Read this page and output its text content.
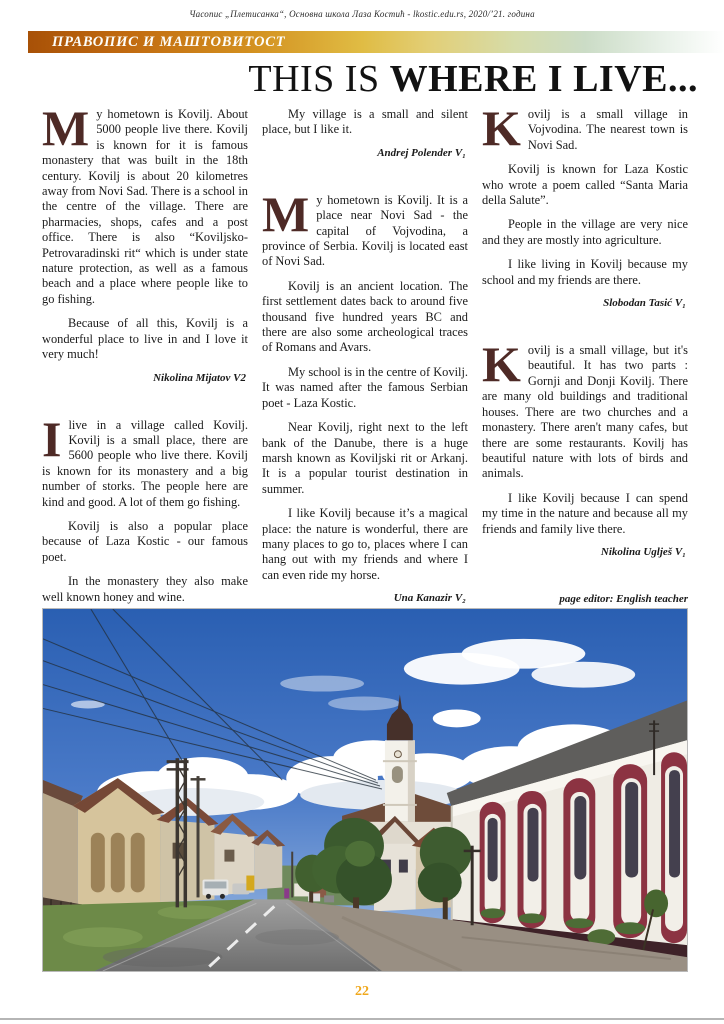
Часопис „Плетисанка“, Основна школа Лаза Костић - lkostic.edu.rs, 2020/’21. година
ПРАВОПИС И МАШТОВИТОСТ
THIS IS WHERE I LIVE...

My hometown is Kovilj. About 5000 people live there. Kovilj is known for it is famous monastery that was built in the 18th century. Kovilj is about 20 kilometres away from Novi Sad. There is a school in the centre of the village. There are pharmacies, shops, cafes and a post office. There is also “Koviljsko-Petrovaradinski rit“ which is under state nature protection, as well as a famous beach and a place where people like to go fishing.

Because of all this, Kovilj is a wonderful place to live in and I love it very much!

Nikolina Mijatov V2

Ilive in a village called Kovilj. Kovilj is a small place, there are 5600 people who live there. Kovilj is known for its monastery and a big number of storks. The people here are kind and good. A lot of them go fishing.

Kovilj is also a popular place because of Laza Kostic - our famous poet.

In the monastery they also make well known honey and wine.

My village is a small and silent place, but I like it.

Andrej Polender V₁

My hometown is Kovilj. It is a place near Novi Sad - the capital of Vojvodina, a province of Serbia. Kovilj is located east of Novi Sad.

Kovilj is an ancient location. The first settlement dates back to around five thousand five hundred years BC and there are also some archeological traces of Romans and Avars.

My school is in the centre of Kovilj. It was named after the famous Serbian poet - Laza Kostic.

Near Kovilj, right next to the left bank of the Danube, there is a huge marsh known as Koviljski rit or Arkanj. It is a popular tourist destination in summer.

I like Kovilj because it’s a magical place: the nature is wonderful, there are many places to go to, places where I can hang out with my friends and where I can even ride my horse.

Una Kanazir V₂

Kovilj is a small village in Vojvodina. The nearest town is Novi Sad.

Kovilj is known for Laza Kostic who wrote a poem called “Santa Maria della Salute”.

People in the village are very nice and they are mostly into agriculture.

I like living in Kovilj because my school and my friends are there.

Slobodan Tasić V₁

Kovilj is a small village, but it's beautiful. It has two parts : Gornji and Donji Kovilj. There are many old buildings and traditional houses. There are two churches and a monastery. There aren't many cafes, but there are some restaurants. Kovilj has beautiful nature with lots of birds and animals.

I like Kovilj because I can spend my time in the nature and because all my friends and family live there.

Nikolina Uglješ V₁
page editor: English teacher
22
